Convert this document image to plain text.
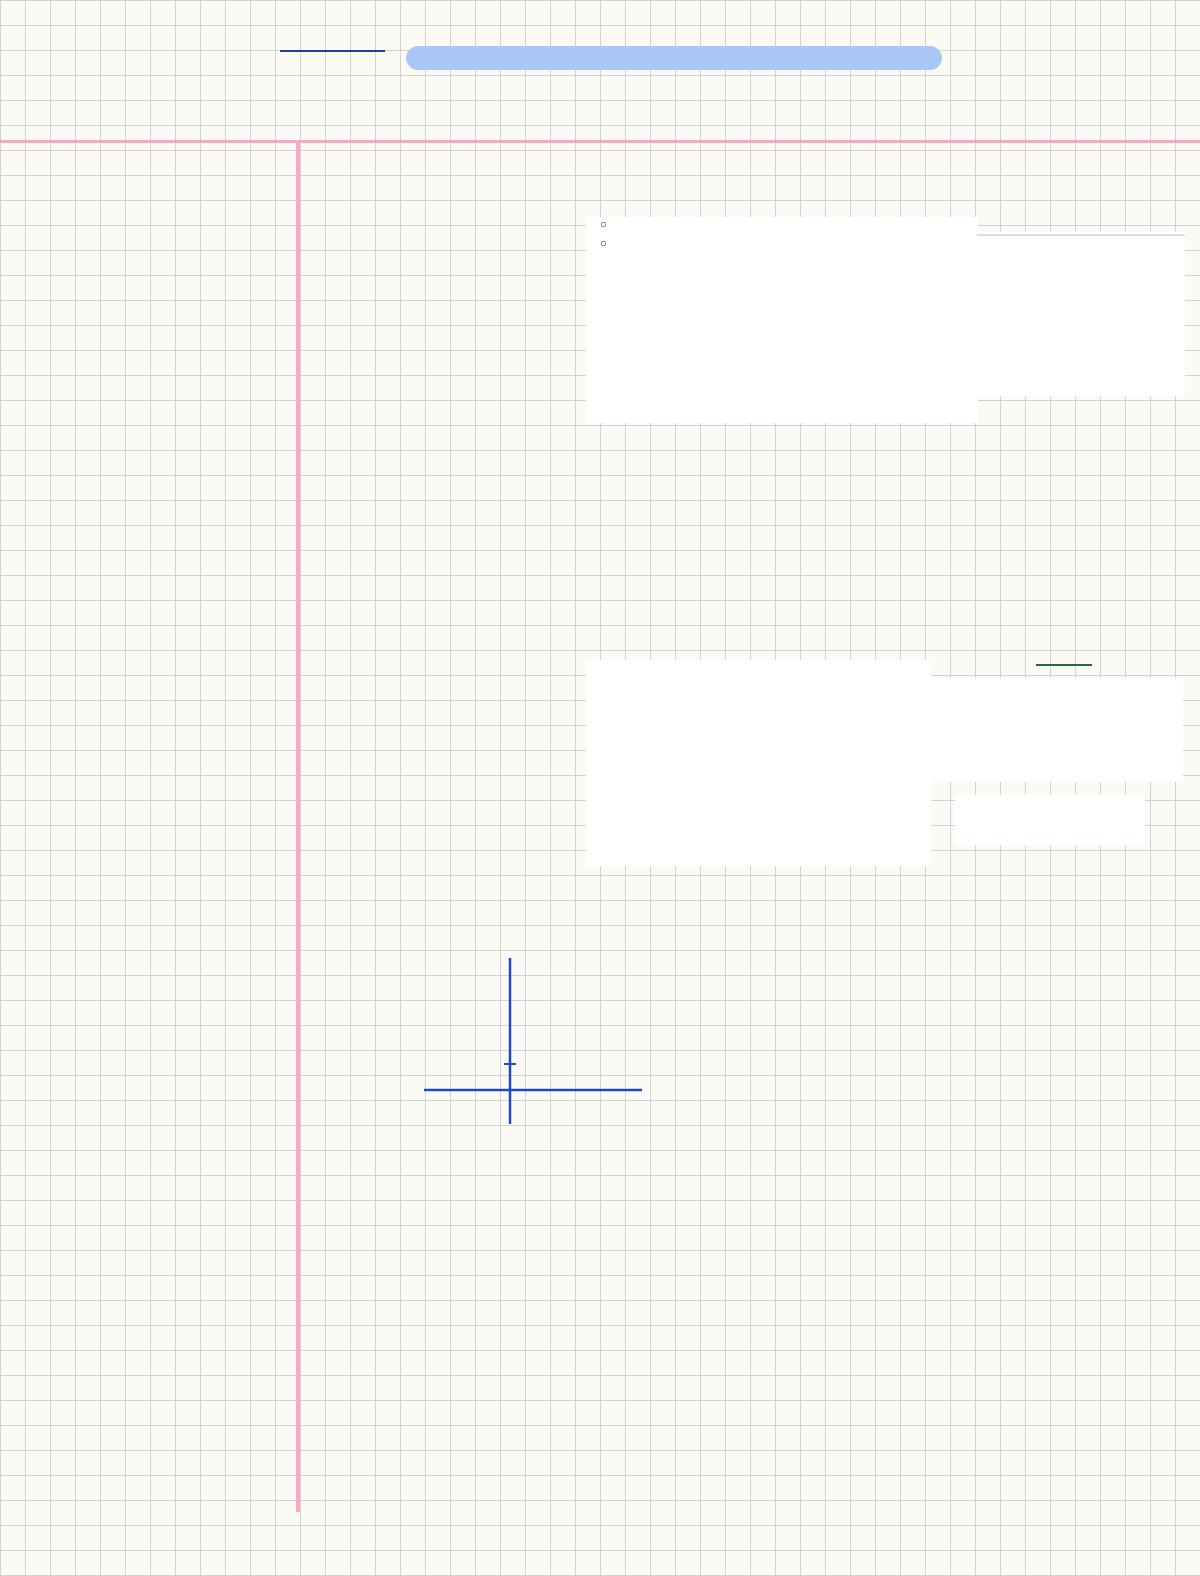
○

○
